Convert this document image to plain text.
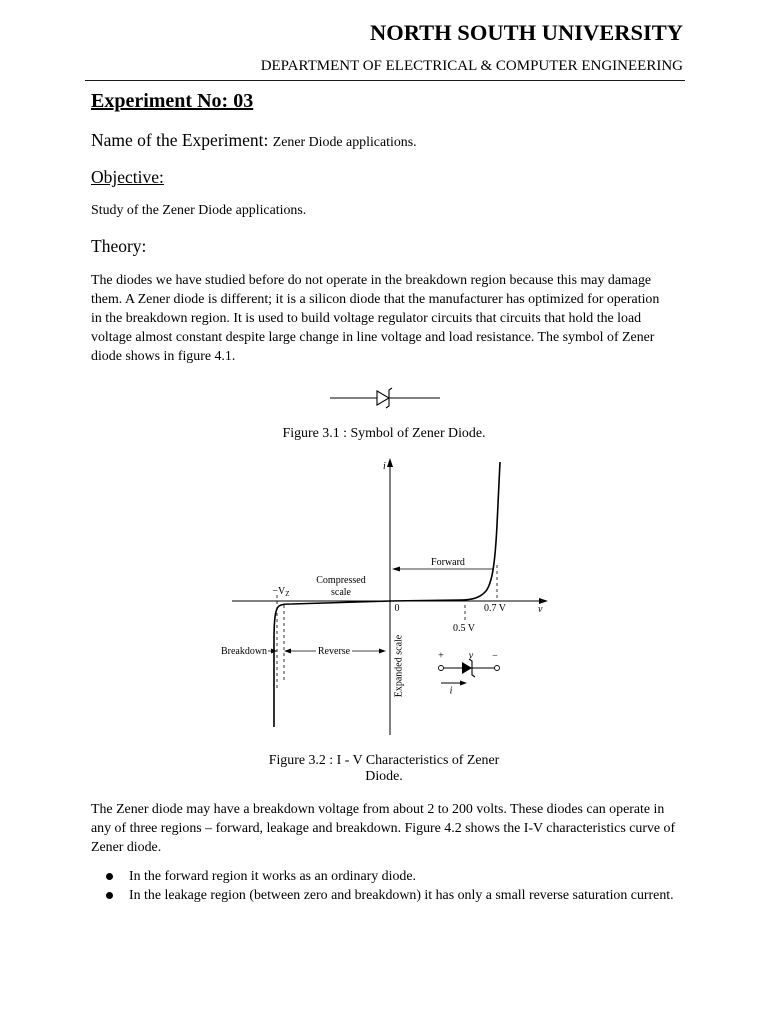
NORTH SOUTH UNIVERSITY
DEPARTMENT OF ELECTRICAL & COMPUTER ENGINEERING
Experiment No: 03
Name of the Experiment: Zener Diode applications.
Objective:
Study of the Zener Diode applications.
Theory:
The diodes we have studied before do not operate in the breakdown region because this may damage
them. A Zener diode is different; it is a silicon diode that the manufacturer has optimized for operation
in the breakdown region. It is used to build voltage regulator circuits that circuits that hold the load
voltage almost constant despite large change in line voltage and load resistance. The symbol of Zener
diode shows in figure 4.1.
Figure 3.1 : Symbol of Zener Diode.
i
v
$-V_Z$
Compressed
scale
0	0.7 V
0.5 V
Forward
Breakdown	Reverse	Expanded scale	+ v −
i
Figure 3.2 : I - V Characteristics of Zener
Diode.
The Zener diode may have a breakdown voltage from about 2 to 200 volts. These diodes can operate in
any of three regions – forward, leakage and breakdown. Figure 4.2 shows the I-V characteristics curve of
Zener diode.
In the forward region it works as an ordinary diode.
In the leakage region (between zero and breakdown) it has only a small reverse saturation current.
